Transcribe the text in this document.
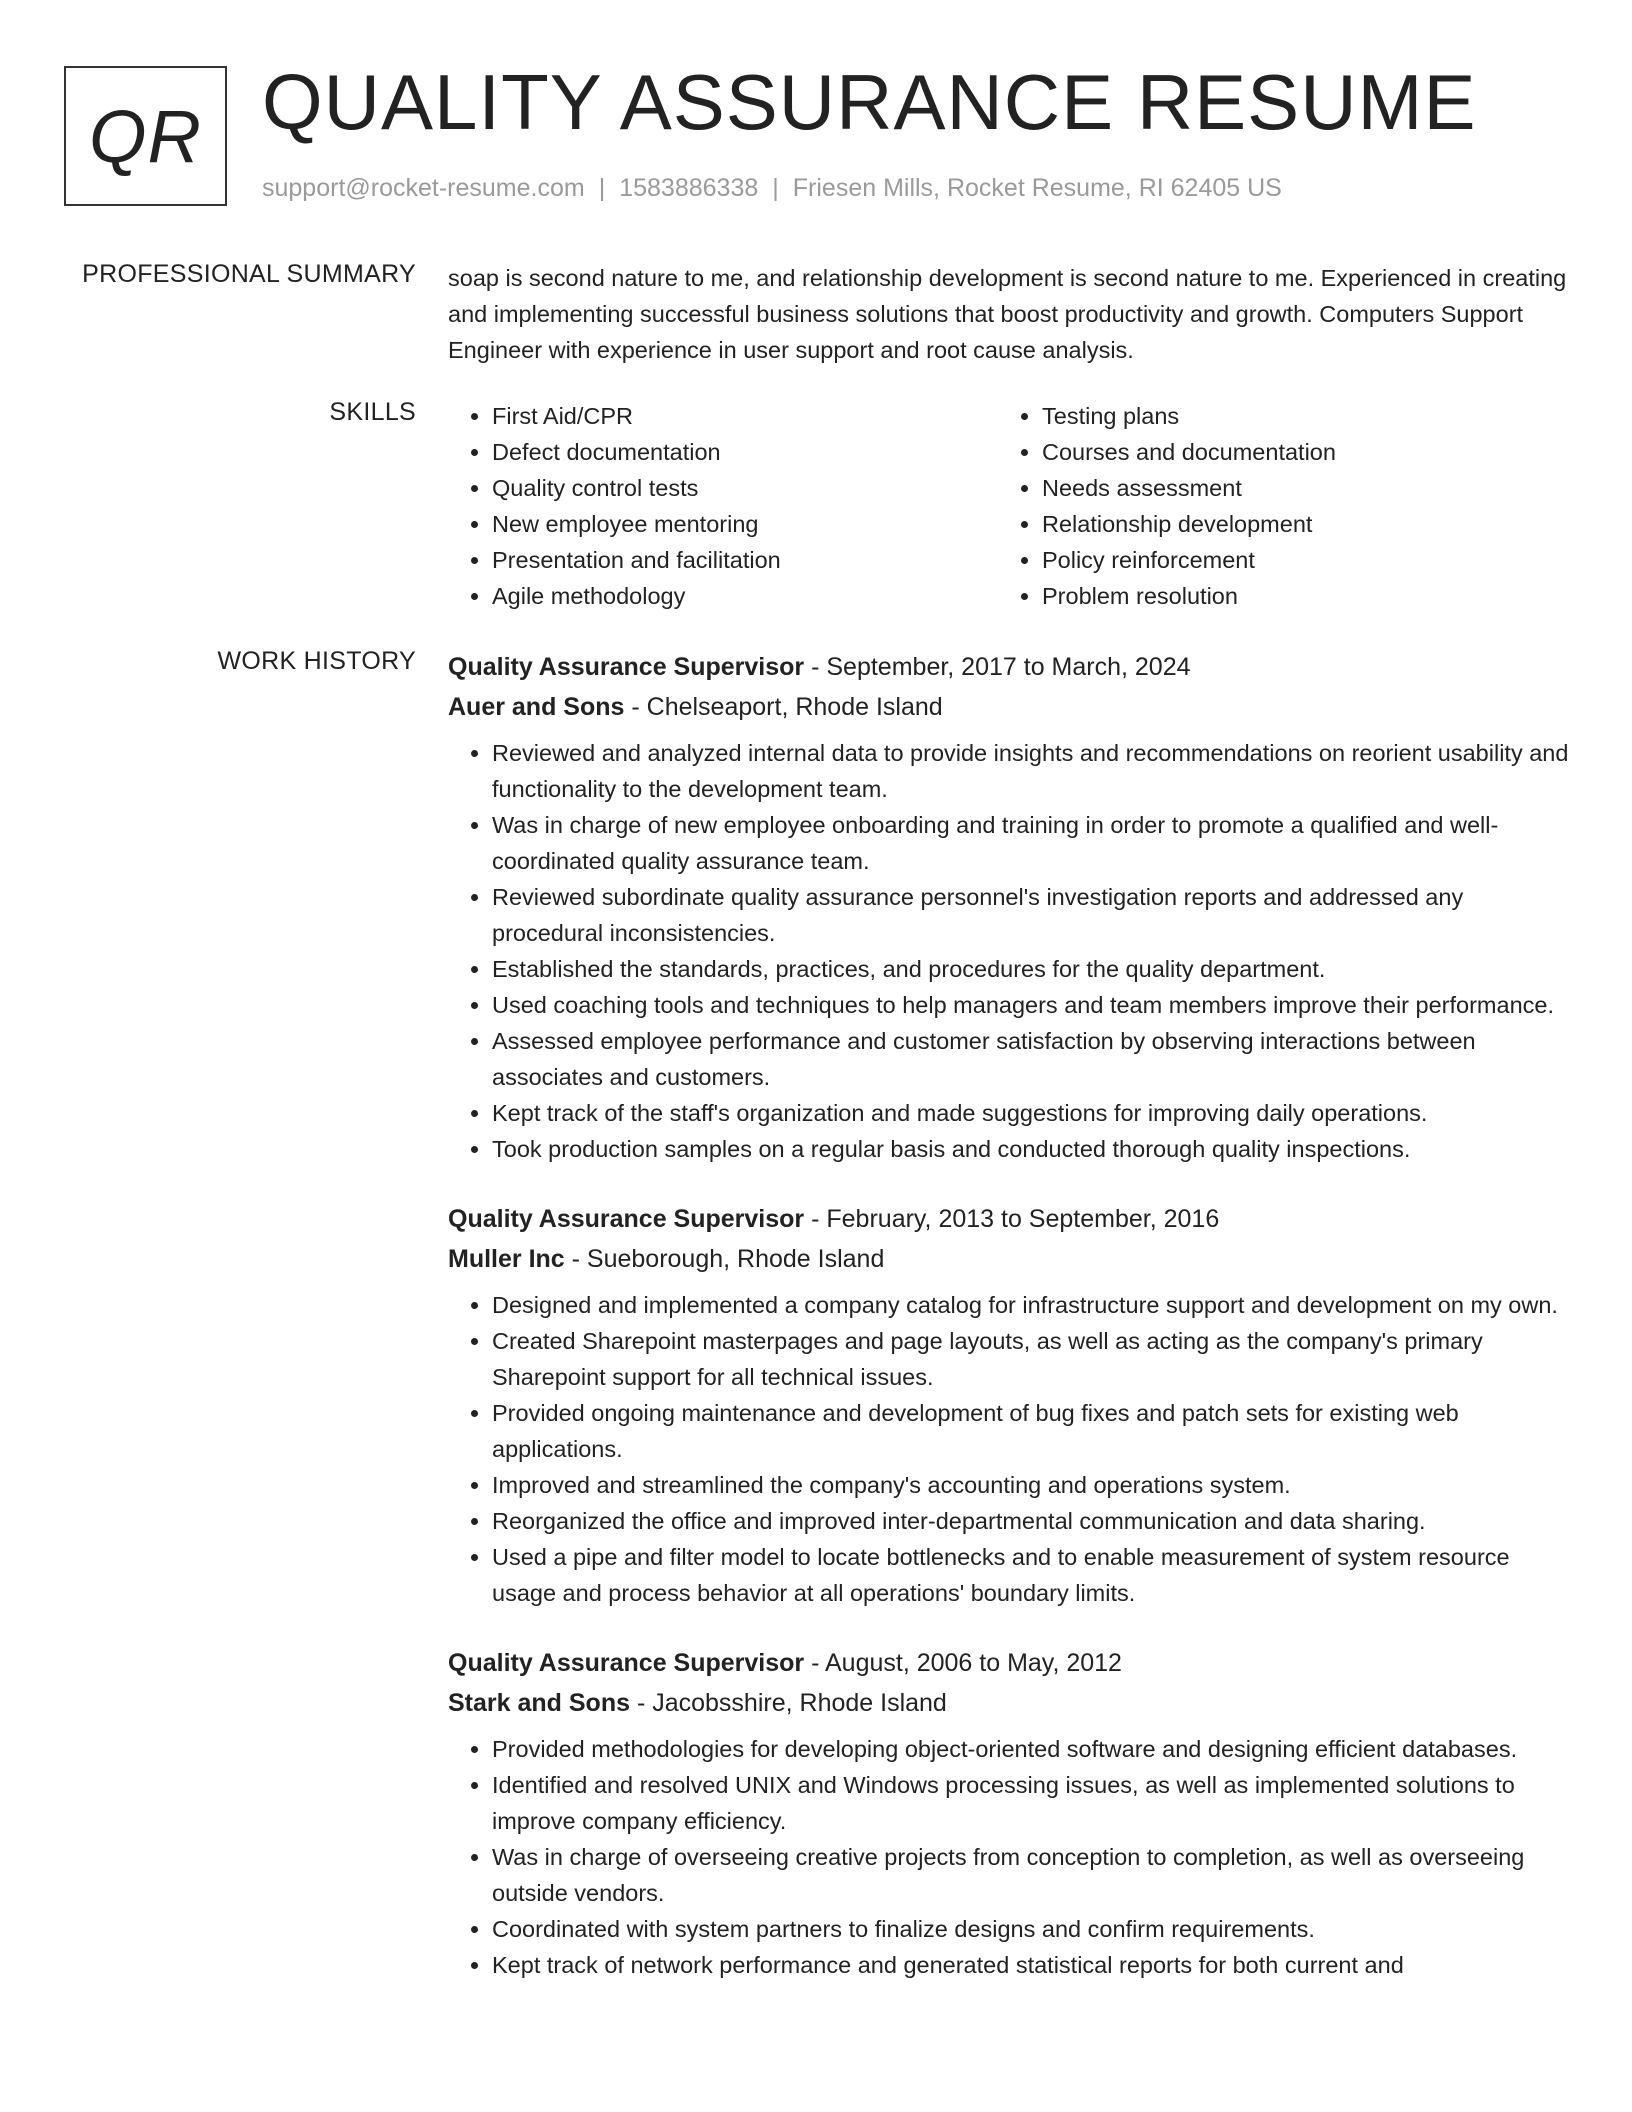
QR QUALITY ASSURANCE RESUME
support@rocket-resume.com | 1583886338 | Friesen Mills, Rocket Resume, RI 62405 US
PROFESSIONAL SUMMARY soap is second nature to me, and relationship development is second nature to me. Experienced in creating and implementing successful business solutions that boost productivity and growth. Computers Support Engineer with experience in user support and root cause analysis.

SKILLS
•	First Aid/CPR
• Defect documentation
• Quality control tests
• New employee mentoring
• Presentation and facilitation
• Agile methodology
• Testing plans
• Courses and documentation
• Needs assessment
• Relationship development
• Policy reinforcement
• Problem resolution
WORK HISTORY Quality Assurance Supervisor - September, 2017 to March, 2024
Auer and Sons - Chelseaport, Rhode Island
• Reviewed and analyzed internal data to provide insights and recommendations on reorient usability and functionality to the development team.
• Was in charge of new employee onboarding and training in order to promote a qualified and well-coordinated quality assurance team.
• Reviewed subordinate quality assurance personnel's investigation reports and addressed any procedural inconsistencies.
• Established the standards, practices, and procedures for the quality department.
• Used coaching tools and techniques to help managers and team members improve their performance.
• Assessed employee performance and customer satisfaction by observing interactions between associates and customers.
• Kept track of the staff's organization and made suggestions for improving daily operations.
• Took production samples on a regular basis and conducted thorough quality inspections.
Quality Assurance Supervisor - February, 2013 to September, 2016
Muller Inc - Sueborough, Rhode Island
• Designed and implemented a company catalog for infrastructure support and development on my own.
• Created Sharepoint masterpages and page layouts, as well as acting as the company's primary Sharepoint support for all technical issues.
• Provided ongoing maintenance and development of bug fixes and patch sets for existing web applications.
• Improved and streamlined the company's accounting and operations system.
• Reorganized the office and improved inter-departmental communication and data sharing.
• Used a pipe and filter model to locate bottlenecks and to enable measurement of system resource usage and process behavior at all operations' boundary limits.
Quality Assurance Supervisor - August, 2006 to May, 2012
Stark and Sons - Jacobsshire, Rhode Island
• Provided methodologies for developing object-oriented software and designing efficient databases.
• Identified and resolved UNIX and Windows processing issues, as well as implemented solutions to improve company efficiency.
• Was in charge of overseeing creative projects from conception to completion, as well as overseeing outside vendors.
• Coordinated with system partners to finalize designs and confirm requirements.
• Kept track of network performance and generated statistical reports for both current and
